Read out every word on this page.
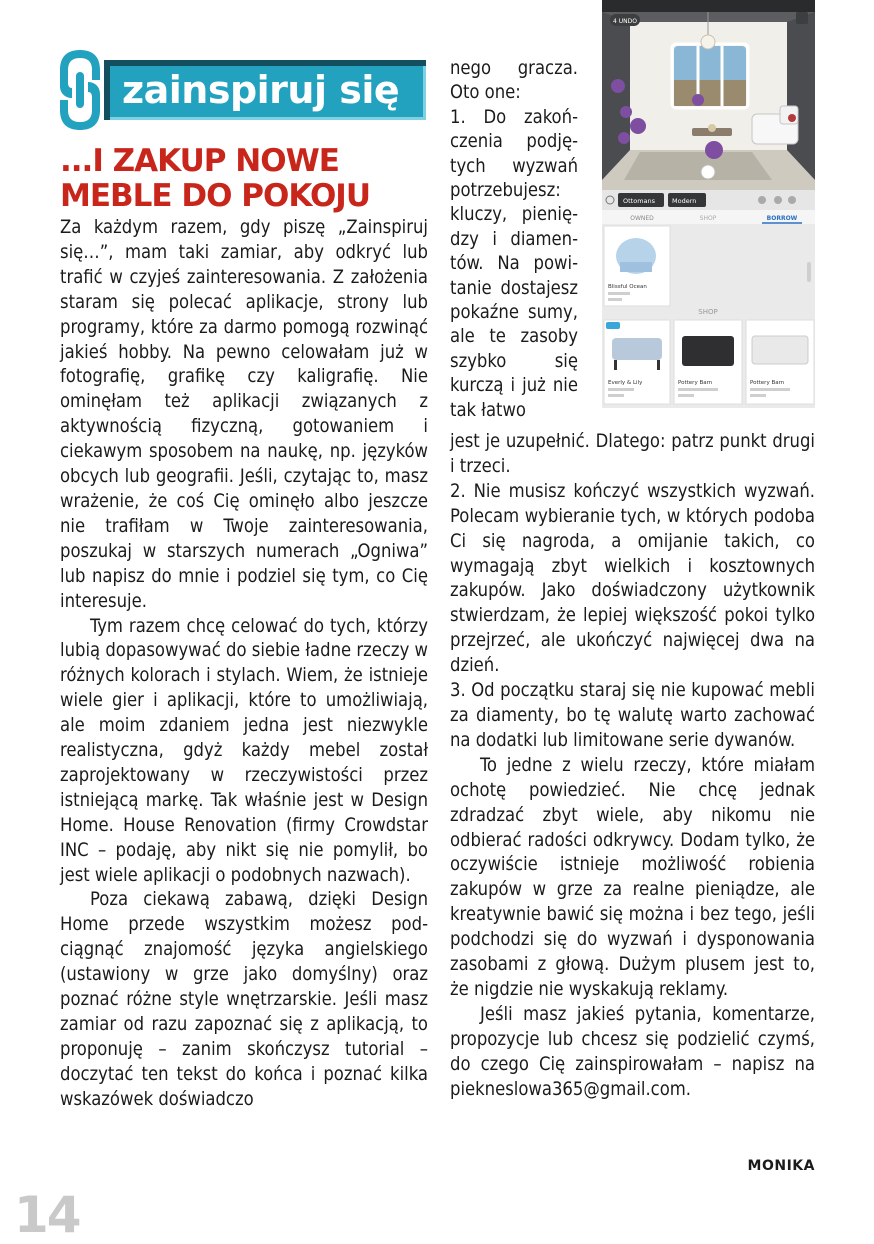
zainspiruj się
...I ZAKUP NOWE MEBLE DO POKOJU

Za każdym razem, gdy piszę „Zainspiruj się…”, mam taki zamiar, aby odkryć lub trafić w czyjeś zainteresowania. Z założenia staram się polecać aplikacje, strony lub programy, które za darmo pomogą rozwinąć jakieś hobby. Na pewno celowałam już w fotografię, grafikę czy kaligrafię. Nie ominęłam też aplikacji związanych z aktywnością fizyczną, gotowaniem i ciekawym sposobem na naukę, np. języków obcych lub geografii. Jeśli, czytając to, masz wrażenie, że coś Cię ominęło albo jeszcze nie trafiłam w Twoje zainteresowania, poszukaj w starszych numerach „Ogniwa” lub napisz do mnie i podziel się tym, co Cię interesuje.

Tym razem chcę celować do tych, którzy lubią dopasowywać do siebie ładne rzeczy w różnych kolorach i stylach. Wiem, że istnieje wiele gier i aplikacji, które to umożliwiają, ale moim zdaniem jedna jest niezwykle realistyczna, gdyż każdy mebel został zaprojektowany w rzeczywistości przez istniejącą markę. Tak właśnie jest w Design Home. House Renovation (firmy Crowdstar INC – podaję, aby nikt się nie pomylił, bo jest wiele aplikacji o podobnych nazwach).

Poza ciekawą zabawą, dzięki Design Home przede wszystkim możesz podciągnąć znajomość języka angielskiego (ustawiony w grze jako domyślny) oraz poznać różne style wnętrzarskie. Jeśli masz zamiar od razu zapoznać się z aplikacją, to proponuję – zanim skończysz tutorial – doczytać ten tekst do końca i poznać kilka wskazówek doświadczo

nego gracza. Oto one:

1. Do zakończenia podjętych wyzwań potrzebujesz: kluczy, pieniędzy i diamentów. Na powitanie dostajesz pokaźne sumy, ale te zasoby szybko się kurczą i już nie tak łatwo

jest je uzupełnić. Dlatego: patrz punkt drugi i trzeci.

2. Nie musisz kończyć wszystkich wyzwań. Polecam wybieranie tych, w których podoba Ci się nagroda, a omijanie takich, co wymagają zbyt wielkich i kosztownych zakupów. Jako doświadczony użytkownik stwierdzam, że lepiej większość pokoi tylko przejrzeć, ale ukończyć najwięcej dwa na dzień.

3. Od początku staraj się nie kupować mebli za diamenty, bo tę walutę warto zachować na dodatki lub limitowane serie dywanów.

To jedne z wielu rzeczy, które miałam ochotę powiedzieć. Nie chcę jednak zdradzać zbyt wiele, aby nikomu nie odbierać radości odkrywcy. Dodam tylko, że oczywiście istnieje możliwość robienia zakupów w grze za realne pieniądze, ale kreatywnie bawić się można i bez tego, jeśli podchodzi się do wyzwań i dysponowania zasobami z głową. Dużym plusem jest to, że nigdzie nie wyskakują reklamy.

Jeśli masz jakieś pytania, komentarze, propozycje lub chcesz się podzielić czymś, do czego Cię zainspirowałam – napisz na piekneslowa365@gmail.com.

MONIKA
14
4 UNDO
Ottomans	Modern
OWNED	SHOP	BORROW
Blissful Ocean
SHOP
Everly & Lily	Pottery Barn	Pottery Barn
